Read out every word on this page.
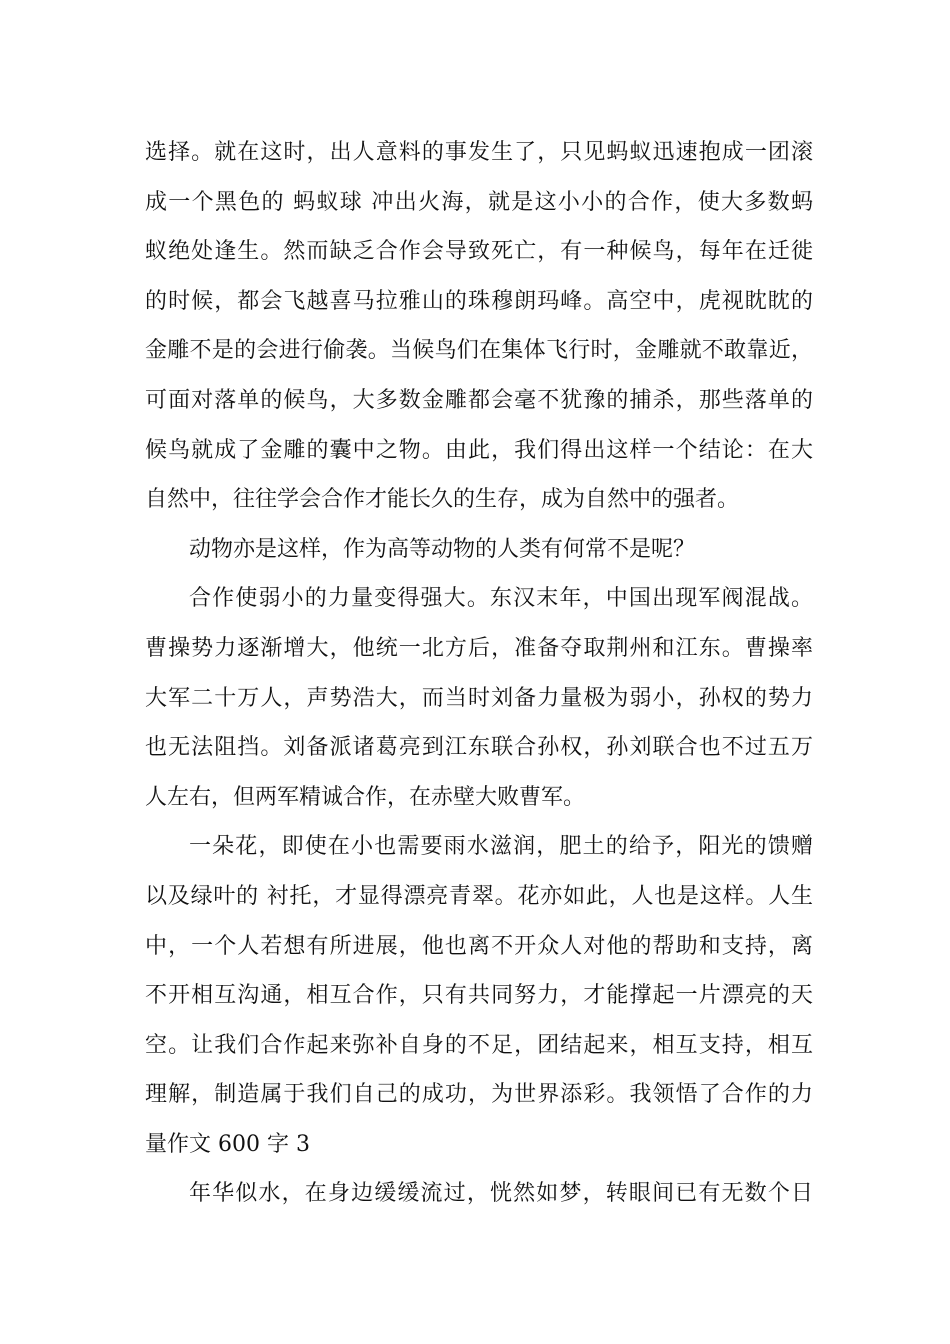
选择。就在这时，出人意料的事发生了，只见蚂蚁迅速抱成一团滚
成一个黑色的 蚂蚁球 冲出火海，就是这小小的合作，使大多数蚂
蚁绝处逢生。然而缺乏合作会导致死亡，有一种候鸟，每年在迁徙
的时候，都会飞越喜马拉雅山的珠穆朗玛峰。高空中，虎视眈眈的
金雕不是的会进行偷袭。当候鸟们在集体飞行时，金雕就不敢靠近，
可面对落单的候鸟，大多数金雕都会毫不犹豫的捕杀，那些落单的
候鸟就成了金雕的囊中之物。由此，我们得出这样一个结论：在大
自然中，往往学会合作才能长久的生存，成为自然中的强者。
动物亦是这样，作为高等动物的人类有何常不是呢？
合作使弱小的力量变得强大。东汉末年，中国出现军阀混战。
曹操势力逐渐增大，他统一北方后，准备夺取荆州和江东。曹操率
大军二十万人，声势浩大，而当时刘备力量极为弱小，孙权的势力
也无法阻挡。刘备派诸葛亮到江东联合孙权，孙刘联合也不过五万
人左右，但两军精诚合作，在赤壁大败曹军。
一朵花，即使在小也需要雨水滋润，肥土的给予，阳光的馈赠
以及绿叶的 衬托，才显得漂亮青翠。花亦如此，人也是这样。人生
中，一个人若想有所进展，他也离不开众人对他的帮助和支持，离
不开相互沟通，相互合作，只有共同努力，才能撑起一片漂亮的天
空。让我们合作起来弥补自身的不足，团结起来，相互支持，相互
理解，制造属于我们自己的成功，为世界添彩。我领悟了合作的力
量作文 600 字 3
年华似水，在身边缓缓流过，恍然如梦，转眼间已有无数个日
